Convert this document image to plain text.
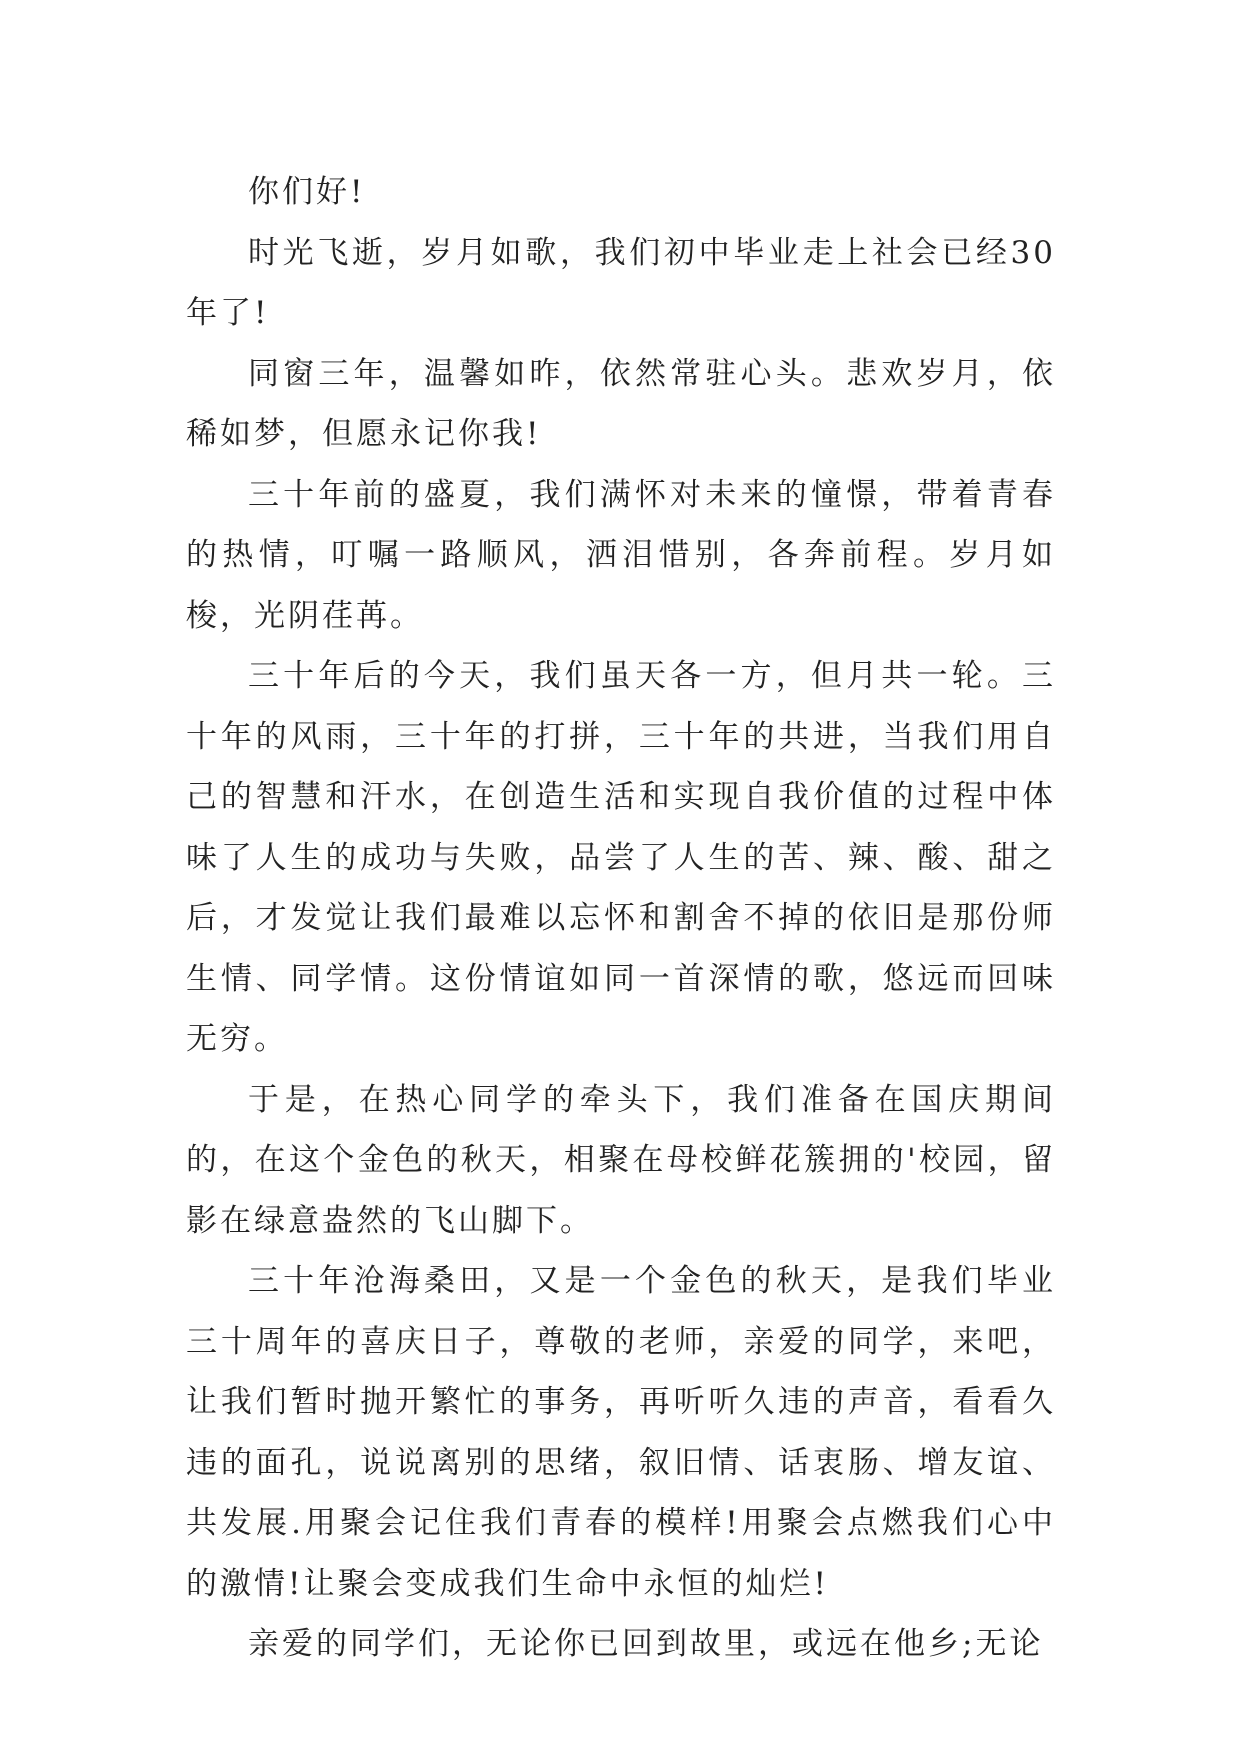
你们好!

时光飞逝，岁月如歌，我们初中毕业走上社会已经30年了!

同窗三年，温馨如昨，依然常驻心头。悲欢岁月，依稀如梦，但愿永记你我!

三十年前的盛夏，我们满怀对未来的憧憬，带着青春的热情，叮嘱一路顺风，洒泪惜别，各奔前程。岁月如梭，光阴荏苒。

三十年后的今天，我们虽天各一方，但月共一轮。三十年的风雨，三十年的打拼，三十年的共进，当我们用自己的智慧和汗水，在创造生活和实现自我价值的过程中体味了人生的成功与失败，品尝了人生的苦、辣、酸、甜之后，才发觉让我们最难以忘怀和割舍不掉的依旧是那份师生情、同学情。这份情谊如同一首深情的歌，悠远而回味无穷。

于是，在热心同学的牵头下，我们准备在国庆期间的，在这个金色的秋天，相聚在母校鲜花簇拥的'校园，留影在绿意盎然的飞山脚下。

三十年沧海桑田，又是一个金色的秋天，是我们毕业三十周年的喜庆日子，尊敬的老师，亲爱的同学，来吧，让我们暂时抛开繁忙的事务，再听听久违的声音，看看久违的面孔，说说离别的思绪，叙旧情、话衷肠、增友谊、共发展.用聚会记住我们青春的模样!用聚会点燃我们心中的激情!让聚会变成我们生命中永恒的灿烂!

亲爱的同学们，无论你已回到故里，或远在他乡;无论
